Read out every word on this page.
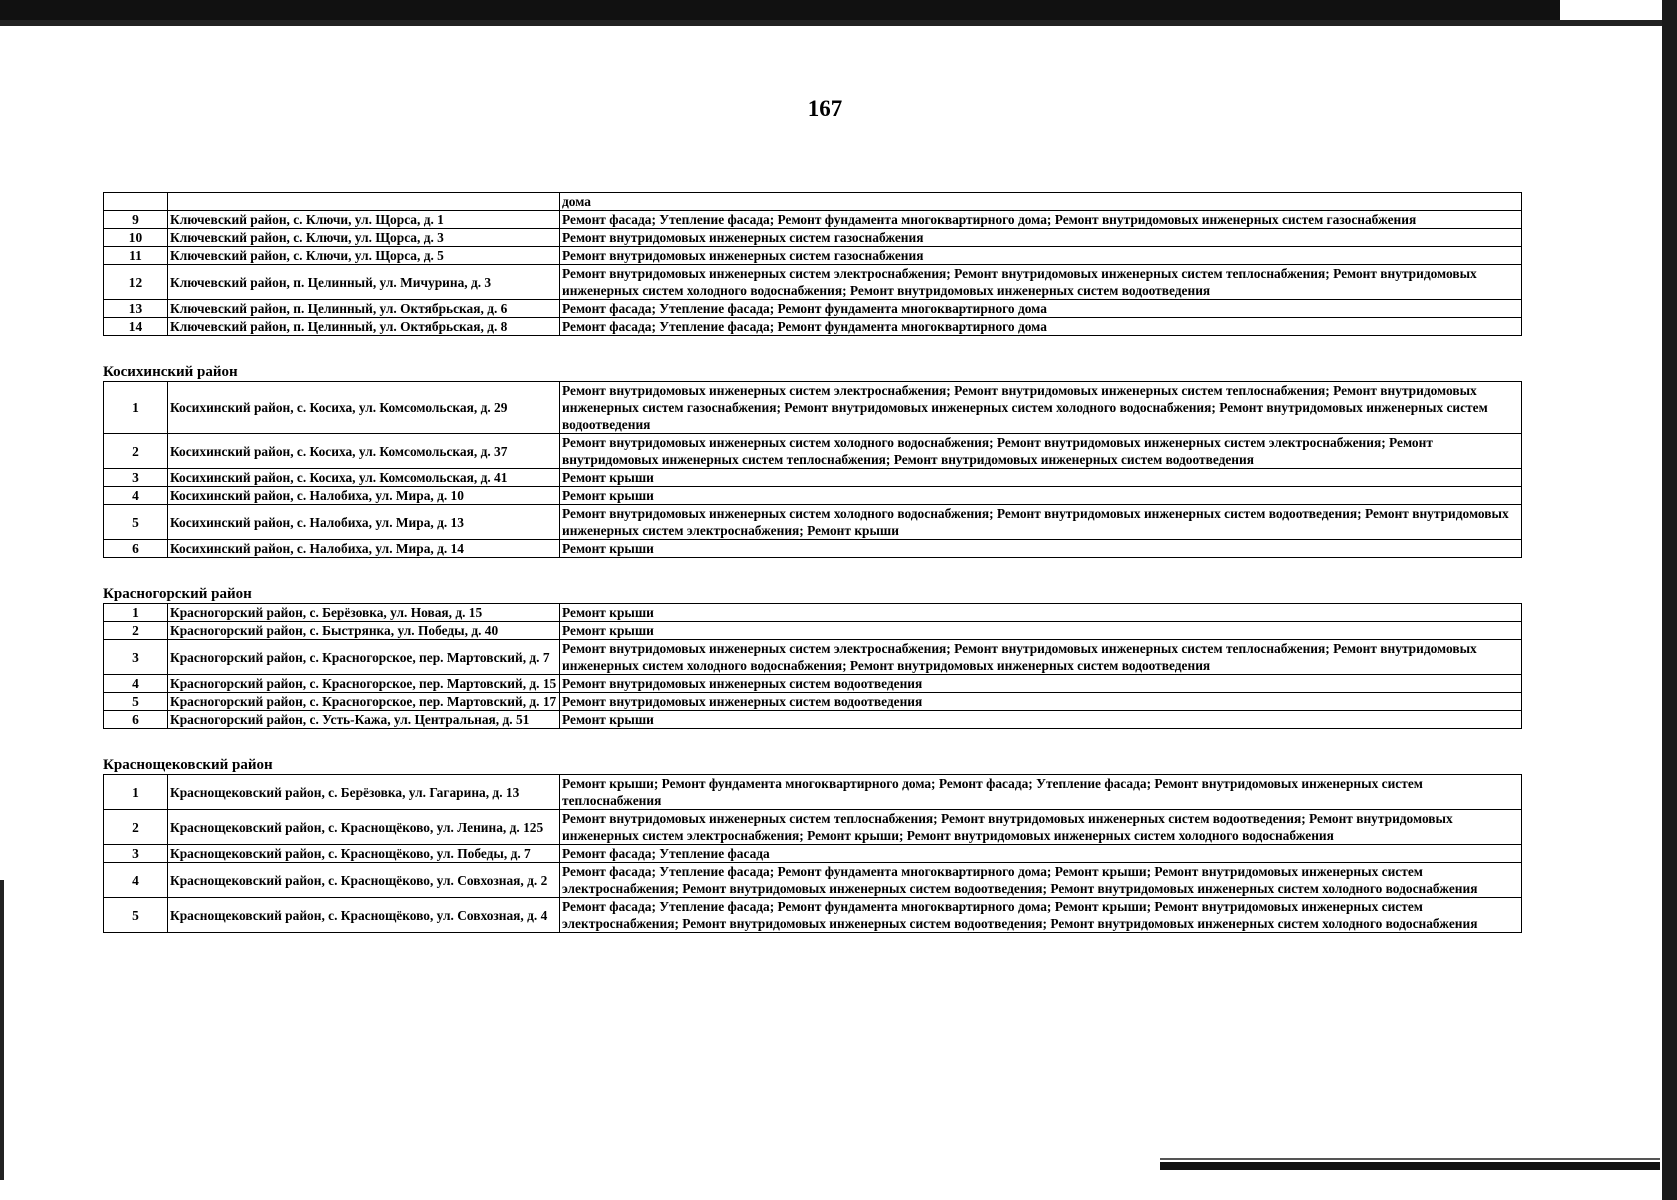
167
		дома
9	Ключевский район, с. Ключи, ул. Щорса, д. 1	Ремонт фасада; Утепление фасада; Ремонт фундамента многоквартирного дома; Ремонт внутридомовых инженерных систем газоснабжения
10	Ключевский район, с. Ключи, ул. Щорса, д. 3	Ремонт внутридомовых инженерных систем газоснабжения
11	Ключевский район, с. Ключи, ул. Щорса, д. 5	Ремонт внутридомовых инженерных систем газоснабжения
12	Ключевский район, п. Целинный, ул. Мичурина, д. 3	Ремонт внутридомовых инженерных систем электроснабжения; Ремонт внутридомовых инженерных систем теплоснабжения; Ремонт внутридомовых инженерных систем холодного водоснабжения; Ремонт внутридомовых инженерных систем водоотведения
13	Ключевский район, п. Целинный, ул. Октябрьская, д. 6	Ремонт фасада; Утепление фасада; Ремонт фундамента многоквартирного дома
14	Ключевский район, п. Целинный, ул. Октябрьская, д. 8	Ремонт фасада; Утепление фасада; Ремонт фундамента многоквартирного дома
Косихинский район
1	Косихинский район, с. Косиха, ул. Комсомольская, д. 29	Ремонт внутридомовых инженерных систем электроснабжения; Ремонт внутридомовых инженерных систем теплоснабжения; Ремонт внутридомовых инженерных систем газоснабжения; Ремонт внутридомовых инженерных систем холодного водоснабжения; Ремонт внутридомовых инженерных систем водоотведения
2	Косихинский район, с. Косиха, ул. Комсомольская, д. 37	Ремонт внутридомовых инженерных систем холодного водоснабжения; Ремонт внутридомовых инженерных систем электроснабжения; Ремонт внутридомовых инженерных систем теплоснабжения; Ремонт внутридомовых инженерных систем водоотведения
3	Косихинский район, с. Косиха, ул. Комсомольская, д. 41	Ремонт крыши
4	Косихинский район, с. Налобиха, ул. Мира, д. 10	Ремонт крыши
5	Косихинский район, с. Налобиха, ул. Мира, д. 13	Ремонт внутридомовых инженерных систем холодного водоснабжения; Ремонт внутридомовых инженерных систем водоотведения; Ремонт внутридомовых инженерных систем электроснабжения; Ремонт крыши
6	Косихинский район, с. Налобиха, ул. Мира, д. 14	Ремонт крыши
Красногорский район
1	Красногорский район, с. Берёзовка, ул. Новая, д. 15	Ремонт крыши
2	Красногорский район, с. Быстрянка, ул. Победы, д. 40	Ремонт крыши
3	Красногорский район, с. Красногорское, пер. Мартовский, д. 7	Ремонт внутридомовых инженерных систем электроснабжения; Ремонт внутридомовых инженерных систем теплоснабжения; Ремонт внутридомовых инженерных систем холодного водоснабжения; Ремонт внутридомовых инженерных систем водоотведения
4	Красногорский район, с. Красногорское, пер. Мартовский, д. 15	Ремонт внутридомовых инженерных систем водоотведения
5	Красногорский район, с. Красногорское, пер. Мартовский, д. 17	Ремонт внутридомовых инженерных систем водоотведения
6	Красногорский район, с. Усть-Кажа, ул. Центральная, д. 51	Ремонт крыши
Краснощековский район
1	Краснощековский район, с. Берёзовка, ул. Гагарина, д. 13	Ремонт крыши; Ремонт фундамента многоквартирного дома; Ремонт фасада; Утепление фасада; Ремонт внутридомовых инженерных систем теплоснабжения
2	Краснощековский район, с. Краснощёково, ул. Ленина, д. 125	Ремонт внутридомовых инженерных систем теплоснабжения; Ремонт внутридомовых инженерных систем водоотведения; Ремонт внутридомовых инженерных систем электроснабжения; Ремонт крыши; Ремонт внутридомовых инженерных систем холодного водоснабжения
3	Краснощековский район, с. Краснощёково, ул. Победы, д. 7	Ремонт фасада; Утепление фасада
4	Краснощековский район, с. Краснощёково, ул. Совхозная, д. 2	Ремонт фасада; Утепление фасада; Ремонт фундамента многоквартирного дома; Ремонт крыши; Ремонт внутридомовых инженерных систем электроснабжения; Ремонт внутридомовых инженерных систем водоотведения; Ремонт внутридомовых инженерных систем холодного водоснабжения
5	Краснощековский район, с. Краснощёково, ул. Совхозная, д. 4	Ремонт фасада; Утепление фасада; Ремонт фундамента многоквартирного дома; Ремонт крыши; Ремонт внутридомовых инженерных систем электроснабжения; Ремонт внутридомовых инженерных систем водоотведения; Ремонт внутридомовых инженерных систем холодного водоснабжения
